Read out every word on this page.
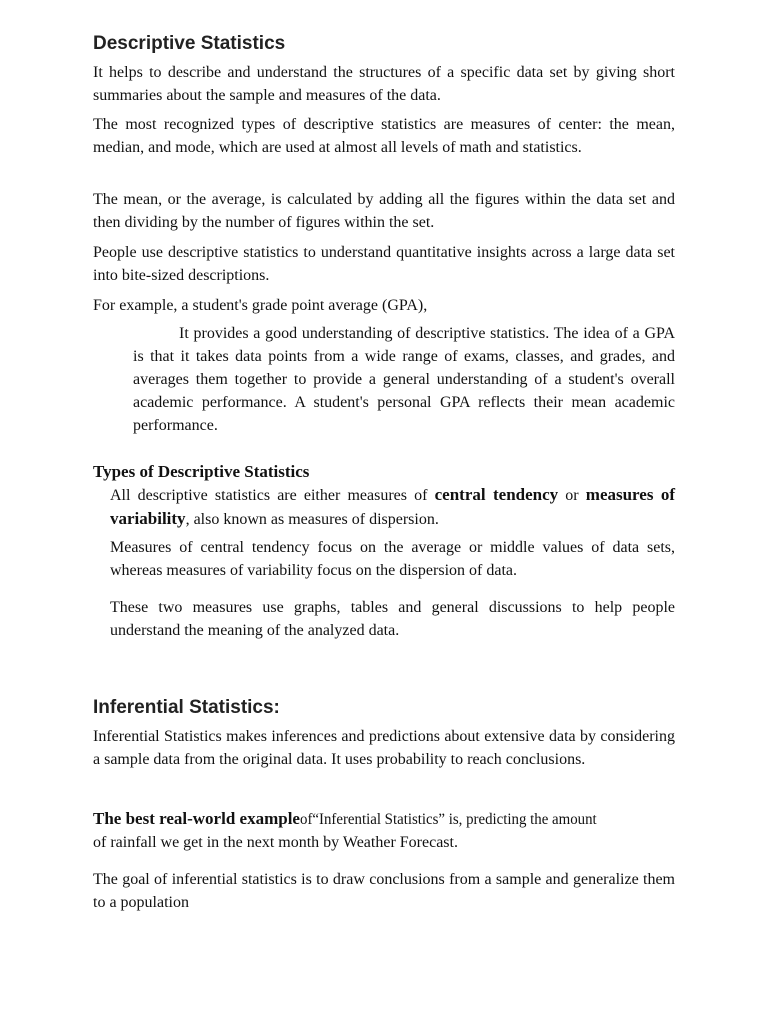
Descriptive Statistics

It helps to describe and understand the structures of a specific data set by giving short summaries about the sample and measures of the data.

The most recognized types of descriptive statistics are measures of center: the mean, median, and mode, which are used at almost all levels of math and statistics.

The mean, or the average, is calculated by adding all the figures within the data set and then dividing by the number of figures within the set.

People use descriptive statistics to understand quantitative insights across a large data set into bite-sized descriptions.

For example, a student's grade point average (GPA),

It provides a good understanding of descriptive statistics. The idea of a GPA is that it takes data points from a wide range of exams, classes, and grades, and averages them together to provide a general understanding of a student's overall academic performance. A student's personal GPA reflects their mean academic performance.

Types of Descriptive Statistics

All descriptive statistics are either measures of central tendency or measures of variability, also known as measures of dispersion.

Measures of central tendency focus on the average or middle values of data sets, whereas measures of variability focus on the dispersion of data.

These two measures use graphs, tables and general discussions to help people understand the meaning of the analyzed data.

Inferential Statistics:

Inferential Statistics makes inferences and predictions about extensive data by considering a sample data from the original data. It uses probability to reach conclusions.

The best real-world exampleof“Inferential Statistics” is, predicting the amount
of rainfall we get in the next month by Weather Forecast.

The goal of inferential statistics is to draw conclusions from a sample and generalize them to a population
